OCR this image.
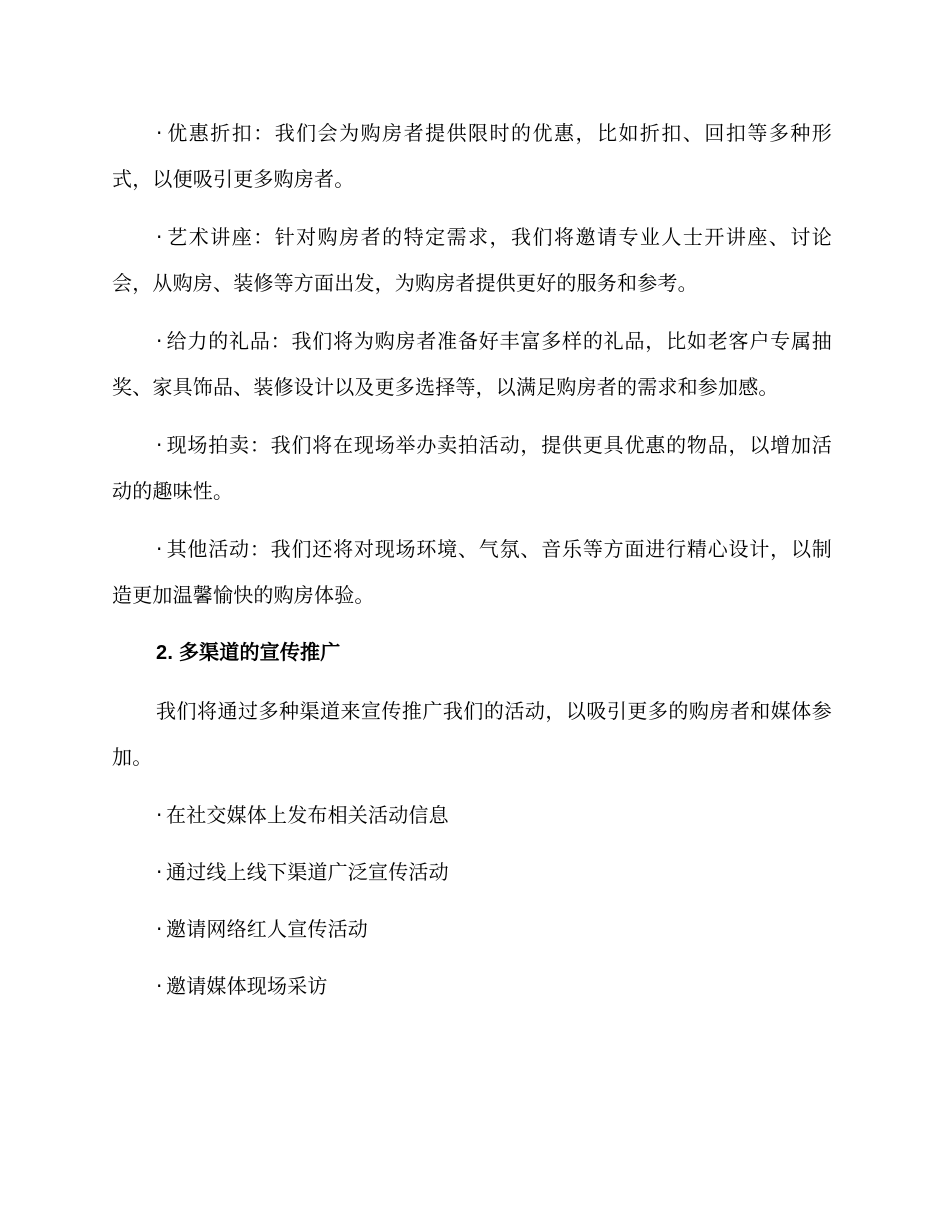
· 优惠折扣：我们会为购房者提供限时的优惠，比如折扣、回扣等多种形式，以便吸引更多购房者。

· 艺术讲座：针对购房者的特定需求，我们将邀请专业人士开讲座、讨论会，从购房、装修等方面出发，为购房者提供更好的服务和参考。

· 给力的礼品：我们将为购房者准备好丰富多样的礼品，比如老客户专属抽奖、家具饰品、装修设计以及更多选择等，以满足购房者的需求和参加感。

· 现场拍卖：我们将在现场举办卖拍活动，提供更具优惠的物品，以增加活动的趣味性。

· 其他活动：我们还将对现场环境、气氛、音乐等方面进行精心设计，以制造更加温馨愉快的购房体验。

2. 多渠道的宣传推广

我们将通过多种渠道来宣传推广我们的活动，以吸引更多的购房者和媒体参加。

· 在社交媒体上发布相关活动信息

· 通过线上线下渠道广泛宣传活动

· 邀请网络红人宣传活动

· 邀请媒体现场采访
